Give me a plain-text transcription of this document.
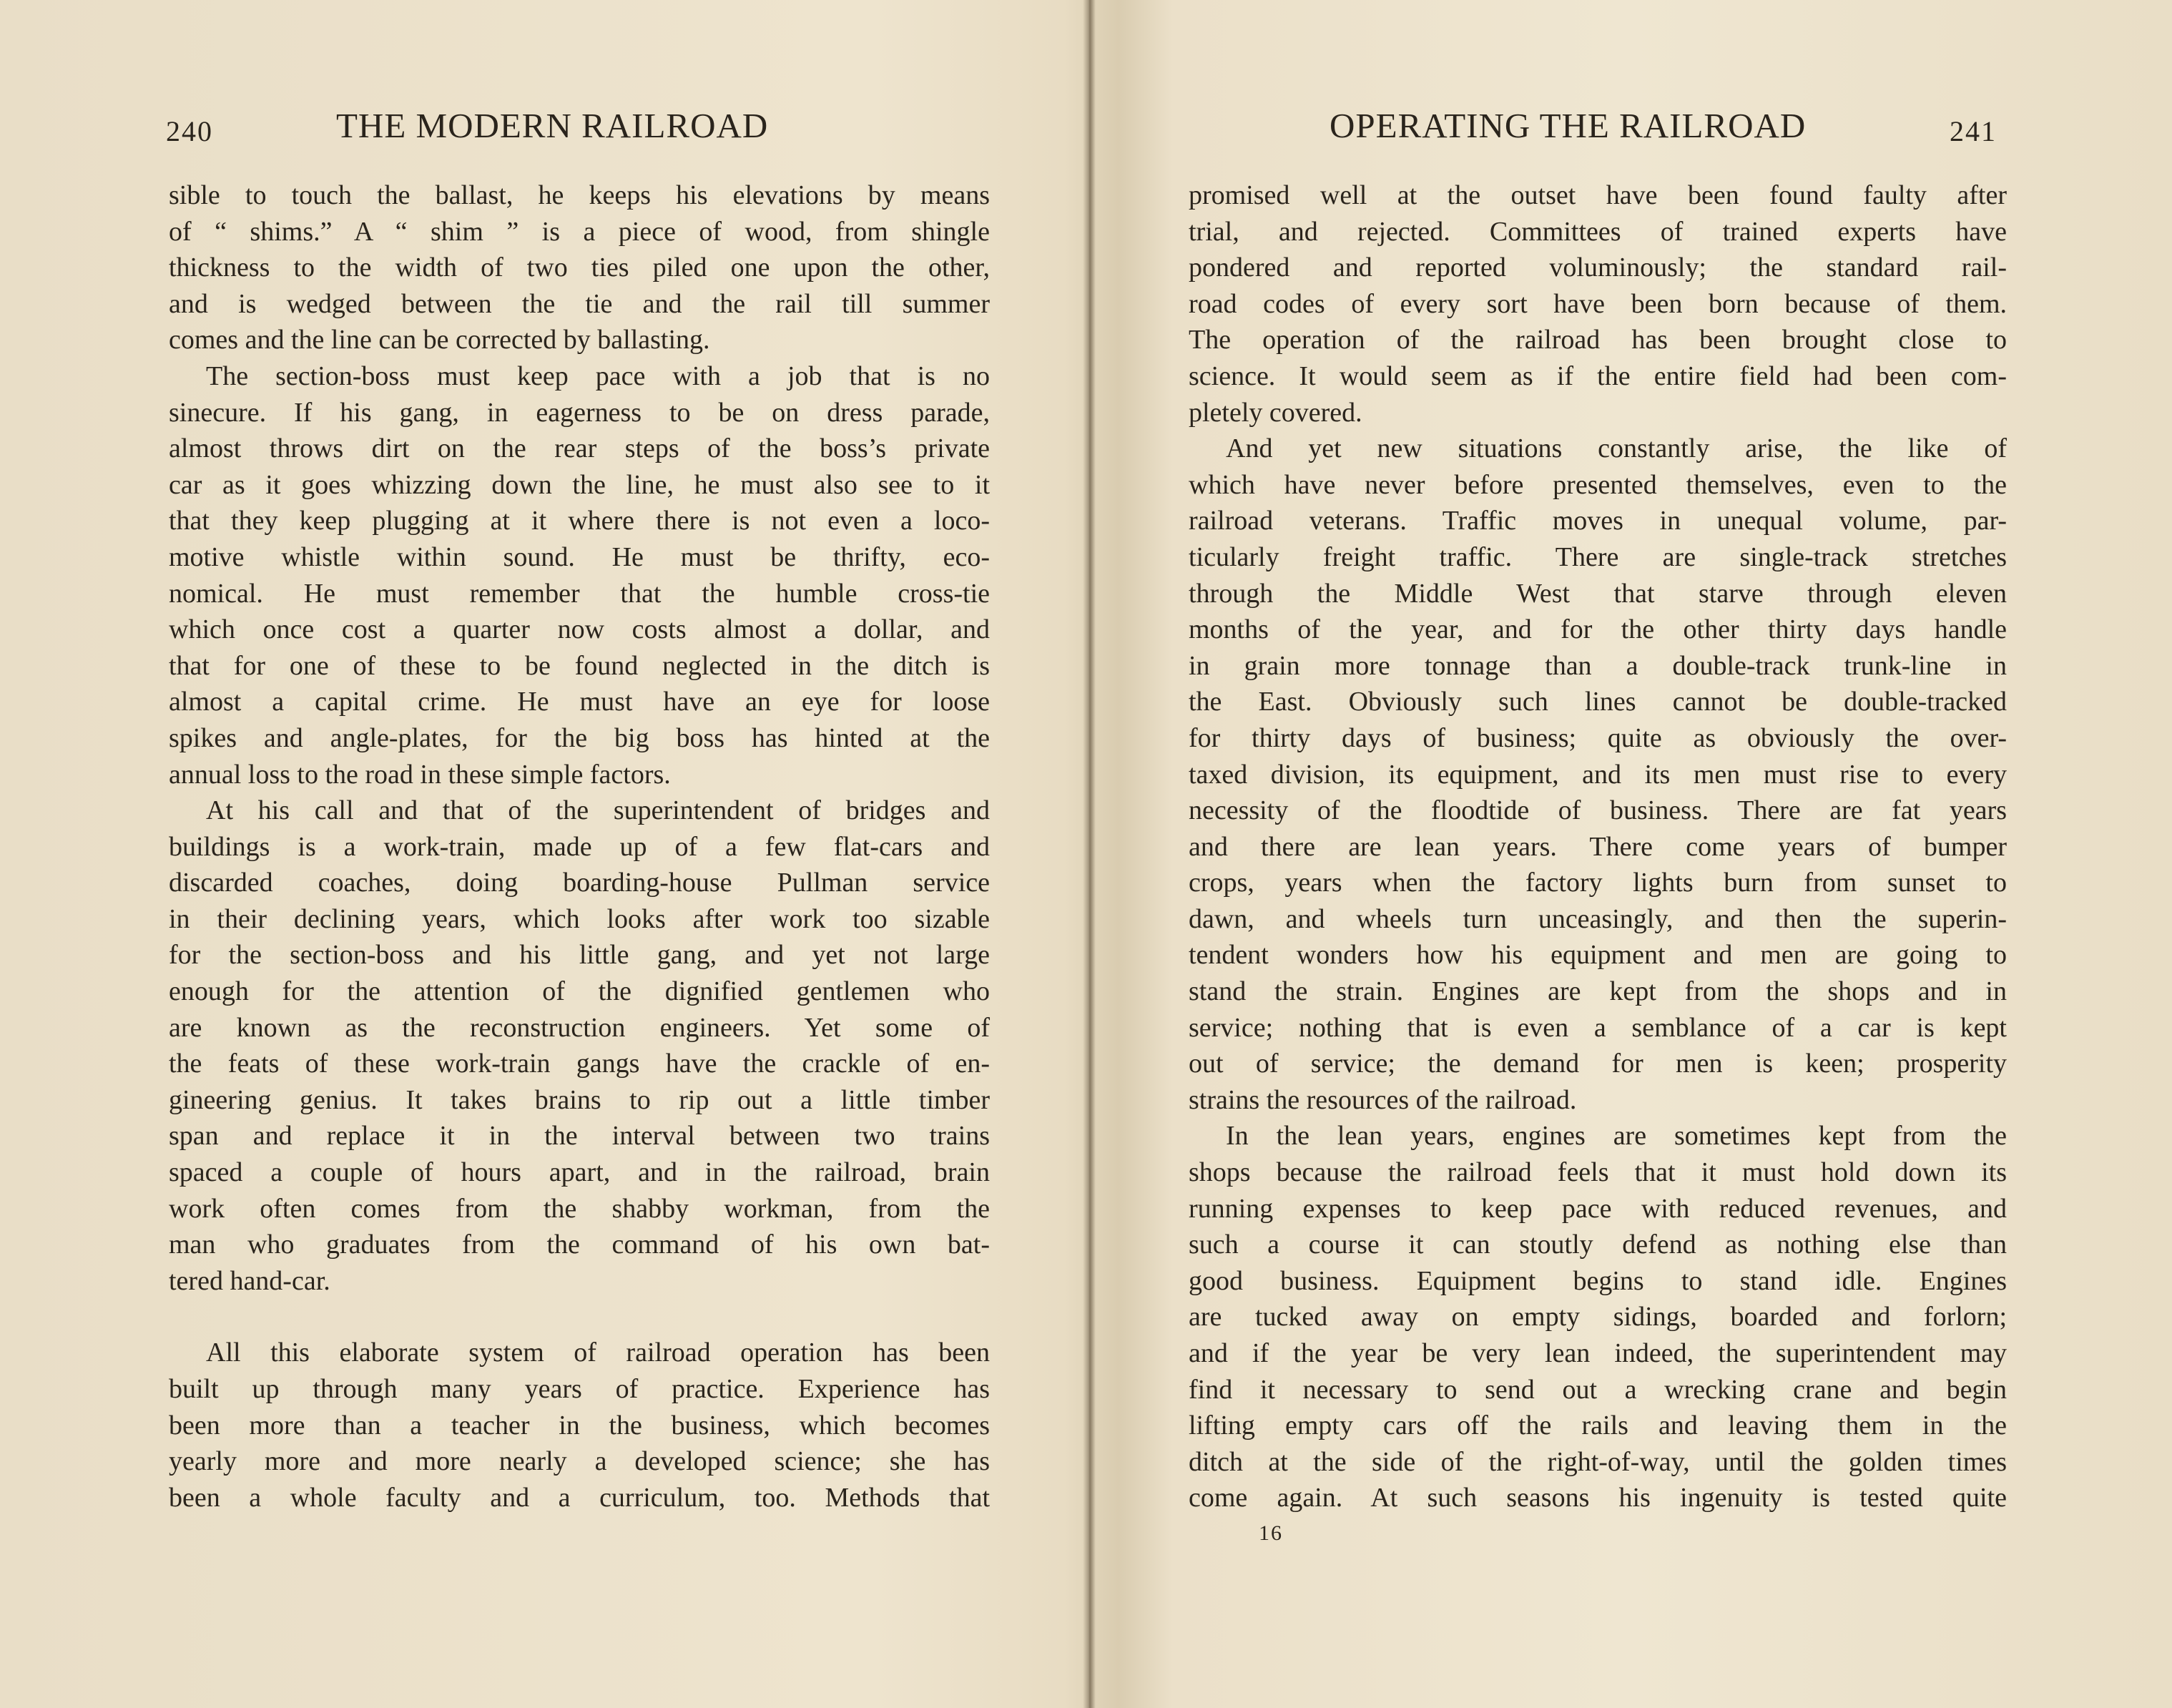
240	THE MODERN RAILROAD
sible to touch the ballast, he keeps his elevations by means
of “ shims.” A “ shim ” is a piece of wood, from shingle
thickness to the width of two ties piled one upon the other,
and is wedged between the tie and the rail till summer
comes and the line can be corrected by ballasting.
The section-boss must keep pace with a job that is no
sinecure. If his gang, in eagerness to be on dress parade,
almost throws dirt on the rear steps of the boss’s private
car as it goes whizzing down the line, he must also see to it
that they keep plugging at it where there is not even a loco-
motive whistle within sound. He must be thrifty, eco-
nomical. He must remember that the humble cross-tie
which once cost a quarter now costs almost a dollar, and
that for one of these to be found neglected in the ditch is
almost a capital crime. He must have an eye for loose
spikes and angle-plates, for the big boss has hinted at the
annual loss to the road in these simple factors.
At his call and that of the superintendent of bridges and
buildings is a work-train, made up of a few flat-cars and
discarded coaches, doing boarding-house Pullman service
in their declining years, which looks after work too sizable
for the section-boss and his little gang, and yet not large
enough for the attention of the dignified gentlemen who
are known as the reconstruction engineers. Yet some of
the feats of these work-train gangs have the crackle of en-
gineering genius. It takes brains to rip out a little timber
span and replace it in the interval between two trains
spaced a couple of hours apart, and in the railroad, brain
work often comes from the shabby workman, from the
man who graduates from the command of his own bat-
tered hand-car.
All this elaborate system of railroad operation has been
built up through many years of practice. Experience has
been more than a teacher in the business, which becomes
yearly more and more nearly a developed science; she has
been a whole faculty and a curriculum, too. Methods that
OPERATING THE RAILROAD	241
promised well at the outset have been found faulty after
trial, and rejected. Committees of trained experts have
pondered and reported voluminously; the standard rail-
road codes of every sort have been born because of them.
The operation of the railroad has been brought close to
science. It would seem as if the entire field had been com-
pletely covered.
And yet new situations constantly arise, the like of
which have never before presented themselves, even to the
railroad veterans. Traffic moves in unequal volume, par-
ticularly freight traffic. There are single-track stretches
through the Middle West that starve through eleven
months of the year, and for the other thirty days handle
in grain more tonnage than a double-track trunk-line in
the East. Obviously such lines cannot be double-tracked
for thirty days of business; quite as obviously the over-
taxed division, its equipment, and its men must rise to every
necessity of the floodtide of business. There are fat years
and there are lean years. There come years of bumper
crops, years when the factory lights burn from sunset to
dawn, and wheels turn unceasingly, and then the superin-
tendent wonders how his equipment and men are going to
stand the strain. Engines are kept from the shops and in
service; nothing that is even a semblance of a car is kept
out of service; the demand for men is keen; prosperity
strains the resources of the railroad.
In the lean years, engines are sometimes kept from the
shops because the railroad feels that it must hold down its
running expenses to keep pace with reduced revenues, and
such a course it can stoutly defend as nothing else than
good business. Equipment begins to stand idle. Engines
are tucked away on empty sidings, boarded and forlorn;
and if the year be very lean indeed, the superintendent may
find it necessary to send out a wrecking crane and begin
lifting empty cars off the rails and leaving them in the
ditch at the side of the right-of-way, until the golden times
come again. At such seasons his ingenuity is tested quite
16
